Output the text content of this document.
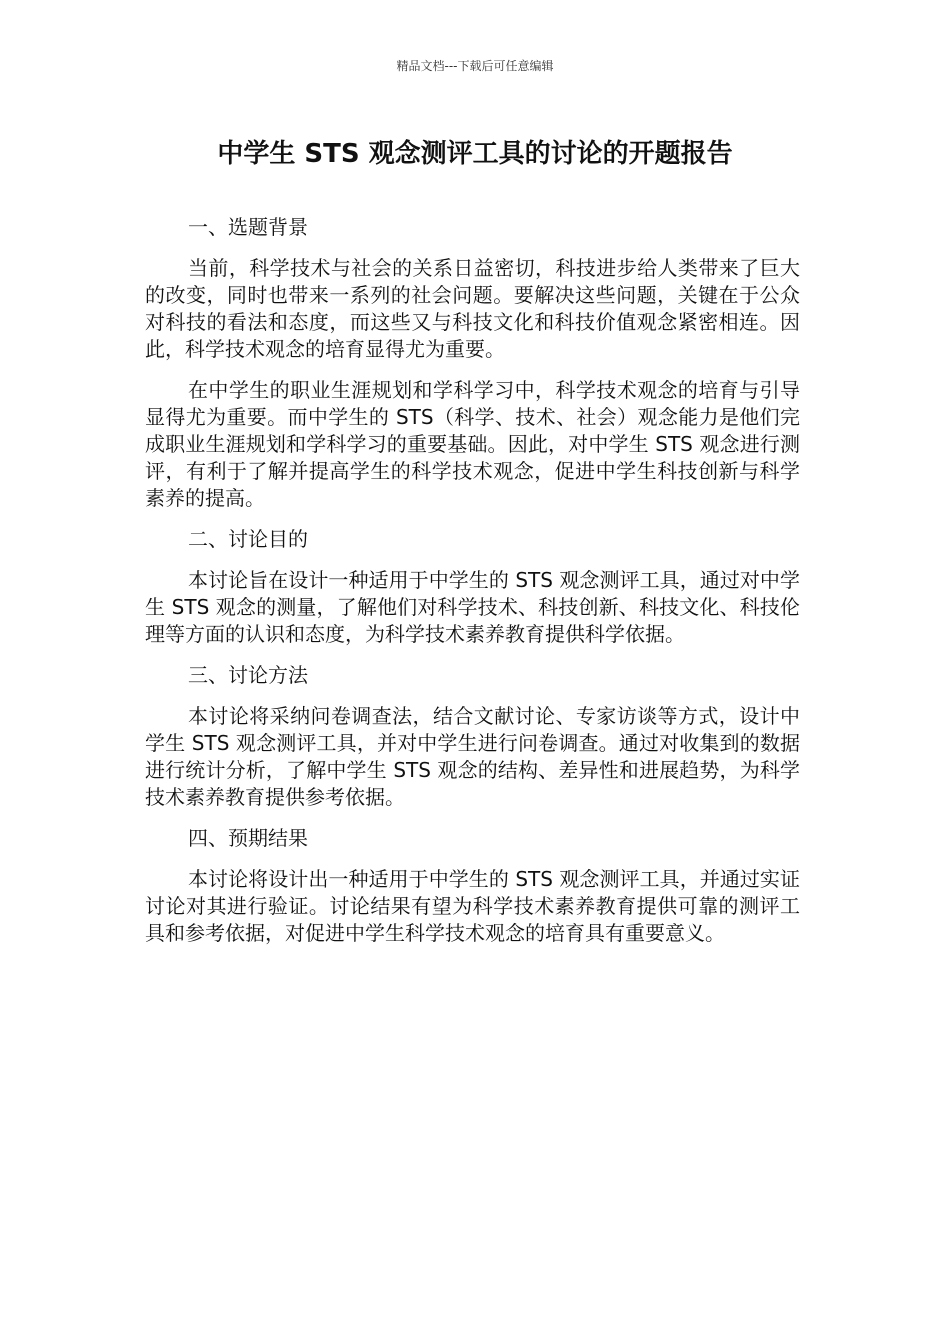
精品文档---下载后可任意编辑
中学生 STS 观念测评工具的讨论的开题报告

一、选题背景

当前，科学技术与社会的关系日益密切，科技进步给人类带来了巨大的改变，同时也带来一系列的社会问题。要解决这些问题，关键在于公众对科技的看法和态度，而这些又与科技文化和科技价值观念紧密相连。因此，科学技术观念的培育显得尤为重要。

在中学生的职业生涯规划和学科学习中，科学技术观念的培育与引导显得尤为重要。而中学生的 STS（科学、技术、社会）观念能力是他们完成职业生涯规划和学科学习的重要基础。因此，对中学生 STS 观念进行测评，有利于了解并提高学生的科学技术观念，促进中学生科技创新与科学素养的提高。

二、讨论目的

本讨论旨在设计一种适用于中学生的 STS 观念测评工具，通过对中学生 STS 观念的测量，了解他们对科学技术、科技创新、科技文化、科技伦理等方面的认识和态度，为科学技术素养教育提供科学依据。

三、讨论方法

本讨论将采纳问卷调查法，结合文献讨论、专家访谈等方式，设计中学生 STS 观念测评工具，并对中学生进行问卷调查。通过对收集到的数据进行统计分析，了解中学生 STS 观念的结构、差异性和进展趋势，为科学技术素养教育提供参考依据。

四、预期结果

本讨论将设计出一种适用于中学生的 STS 观念测评工具，并通过实证讨论对其进行验证。讨论结果有望为科学技术素养教育提供可靠的测评工具和参考依据，对促进中学生科学技术观念的培育具有重要意义。
